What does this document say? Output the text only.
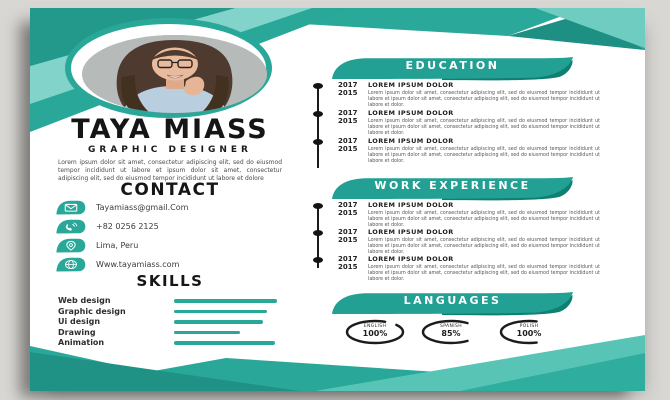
TAYA MIASS
GRAPHIC DESIGNER
Lorem ipsum dolor sit amet, consectetur adipiscing elit, sed do eiusmod tempor incididunt ut labore et ipsum dolor sit amet, consectetur adipiscing elit, sed do eiusmod tempor incididunt ut labore et dolore
CONTACT
Tayamiass@gmail.Com
+82 0256 2125
Lima, Peru
Www.tayamiass.com
SKILLS
Web design
Graphic design
Ui design
Drawing
Animation
EDUCATION
2017
2015
LOREM IPSUM DOLOR
Lorem ipsum dolor sit amet, consectetur adipiscing elit, sed do eiusmod tempor incididunt ut labore et ipsum dolor sit amet, consectetur adipiscing elit, sed do eiusmod tempor incididunt ut labore et dolor.
2017
2015
LOREM IPSUM DOLOR
Lorem ipsum dolor sit amet, consectetur adipiscing elit, sed do eiusmod tempor incididunt ut labore et ipsum dolor sit amet, consectetur adipiscing elit, sed do eiusmod tempor incididunt ut labore et dolor.
2017
2015
LOREM IPSUM DOLOR
Lorem ipsum dolor sit amet, consectetur adipiscing elit, sed do eiusmod tempor incididunt ut labore et ipsum dolor sit amet, consectetur adipiscing elit, sed do eiusmod tempor incididunt ut labore et dolor.
WORK EXPERIENCE
2017
2015
LOREM IPSUM DOLOR
Lorem ipsum dolor sit amet, consectetur adipiscing elit, sed do eiusmod tempor incididunt ut labore et ipsum dolor sit amet, consectetur adipiscing elit, sed do eiusmod tempor incididunt ut labore et dolor.
2017
2015
LOREM IPSUM DOLOR
Lorem ipsum dolor sit amet, consectetur adipiscing elit, sed do eiusmod tempor incididunt ut labore et ipsum dolor sit amet, consectetur adipiscing elit, sed do eiusmod tempor incididunt ut labore et dolor.
2017
2015
LOREM IPSUM DOLOR
Lorem ipsum dolor sit amet, consectetur adipiscing elit, sed do eiusmod tempor incididunt ut labore et ipsum dolor sit amet, consectetur adipiscing elit, sed do eiusmod tempor incididunt ut labore et dolor.
LANGUAGES
ENGLISH
100%
SPANISH
85%
POLISH
100%
